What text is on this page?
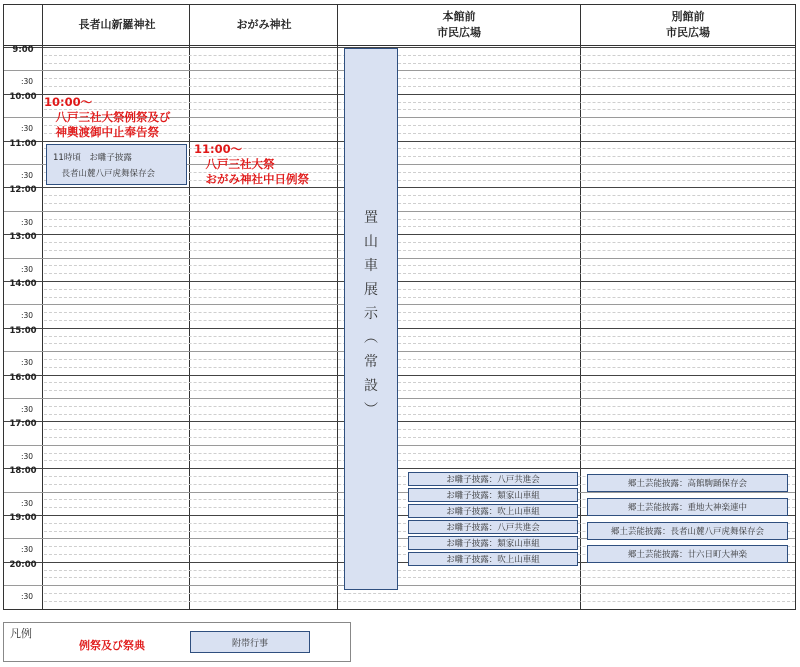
長者山新羅神社	おがみ神社
本館前
市民広場
別館前
市民広場
9:00
:30
10:00
:30
11:00
:30
12:00
:30
13:00
:30
14:00
:30
15:00
:30
16:00
:30
17:00
:30
18:00
:30
19:00
:30
20:00
:30
10:00～
　八戸三社大祭例祭及び
　神輿渡御中止奉告祭
11:00～
　八戸三社大祭
　おがみ神社中日例祭
11時頃　お囃子披露
　長者山麓八戸虎舞保存会
置
山
車
展
示
︵
常
設
︶
お囃子披露：八戸共進会
お囃子披露：類家山車組
お囃子披露：吹上山車組
お囃子披露：八戸共進会
お囃子披露：類家山車組
お囃子披露：吹上山車組
郷土芸能披露：高館駒踊保存会
郷土芸能披露：重地大神楽連中
郷土芸能披露：長者山麓八戸虎舞保存会
郷土芸能披露：廿六日町大神楽
凡例
例祭及び祭典	附帯行事
